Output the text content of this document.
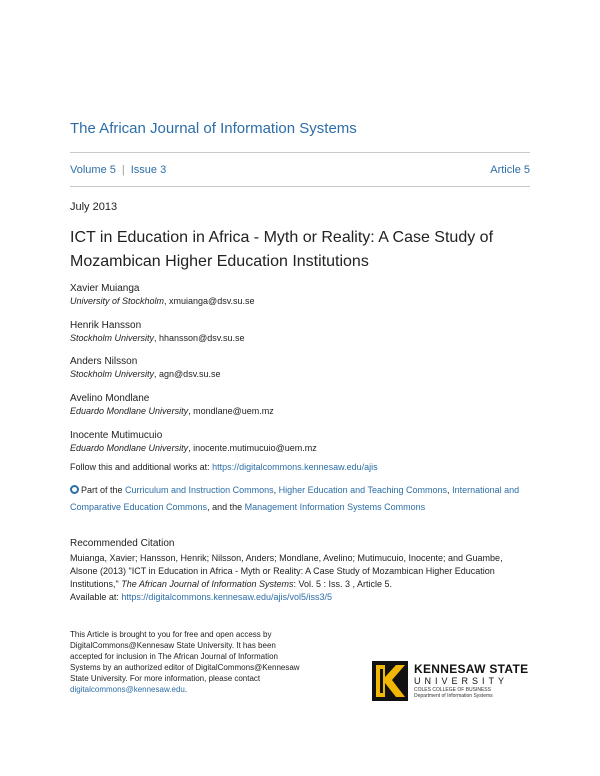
The African Journal of Information Systems
Volume 5 | Issue 3	Article 5
July 2013
ICT in Education in Africa - Myth or Reality: A Case Study of Mozambican Higher Education Institutions
Xavier Muianga
University of Stockholm, xmuianga@dsv.su.se
Henrik Hansson
Stockholm University, hhansson@dsv.su.se
Anders Nilsson
Stockholm University, agn@dsv.su.se
Avelino Mondlane
Eduardo Mondlane University, mondlane@uem.mz
Inocente Mutimucuio
Eduardo Mondlane University, inocente.mutimucuio@uem.mz
Follow this and additional works at: https://digitalcommons.kennesaw.edu/ajis
Part of the Curriculum and Instruction Commons, Higher Education and Teaching Commons, International and Comparative Education Commons, and the Management Information Systems Commons
Recommended Citation
Muianga, Xavier; Hansson, Henrik; Nilsson, Anders; Mondlane, Avelino; Mutimucuio, Inocente; and Guambe, Alsone (2013) "ICT in Education in Africa - Myth or Reality: A Case Study of Mozambican Higher Education Institutions," The African Journal of Information Systems: Vol. 5 : Iss. 3 , Article 5.
Available at: https://digitalcommons.kennesaw.edu/ajis/vol5/iss3/5
This Article is brought to you for free and open access by DigitalCommons@Kennesaw State University. It has been accepted for inclusion in The African Journal of Information Systems by an authorized editor of DigitalCommons@Kennesaw State University. For more information, please contact digitalcommons@kennesaw.edu.
KENNESAW STATE
UNIVERSITY
COLES COLLEGE OF BUSINESS
Department of Information Systems
